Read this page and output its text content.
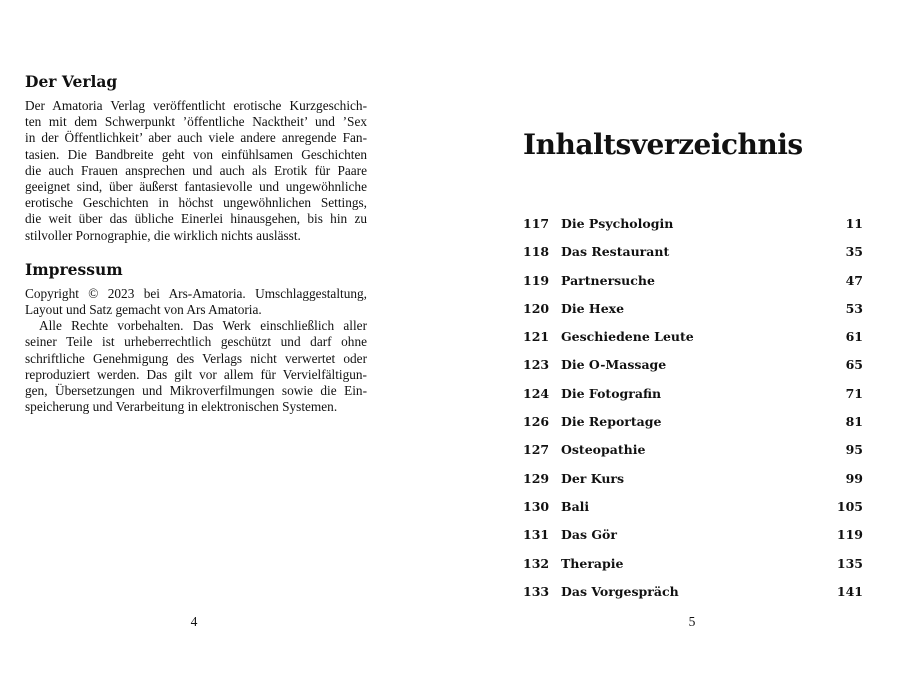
Der Verlag
Der Amatoria Verlag veröffentlicht erotische Kurzgeschich-
ten mit dem Schwerpunkt ’öffentliche Nacktheit’ und ’Sex
in der Öffentlichkeit’ aber auch viele andere anregende Fan-
tasien. Die Bandbreite geht von einfühlsamen Geschichten
die auch Frauen ansprechen und auch als Erotik für Paare
geeignet sind, über äußerst fantasievolle und ungewöhnliche
erotische Geschichten in höchst ungewöhnlichen Settings,
die weit über das übliche Einerlei hinausgehen, bis hin zu
stilvoller Pornographie, die wirklich nichts auslässt.
Impressum
Copyright © 2023 bei Ars-Amatoria. Umschlaggestaltung,
Layout und Satz gemacht von Ars Amatoria.
Alle Rechte vorbehalten. Das Werk einschließlich aller
seiner Teile ist urheberrechtlich geschützt und darf ohne
schriftliche Genehmigung des Verlags nicht verwertet oder
reproduziert werden. Das gilt vor allem für Vervielfältigun-
gen, Übersetzungen und Mikroverfilmungen sowie die Ein-
speicherung und Verarbeitung in elektronischen Systemen.
4
Inhaltsverzeichnis
117 Die Psychologin	11
118 Das Restaurant	35
119 Partnersuche	47
120 Die Hexe	53
121 Geschiedene Leute	61
123 Die O-Massage	65
124 Die Fotografin	71
126 Die Reportage	81
127 Osteopathie	95
129 Der Kurs	99
130 Bali	105
131 Das Gör	119
132 Therapie	135
133 Das Vorgespräch	141
5
